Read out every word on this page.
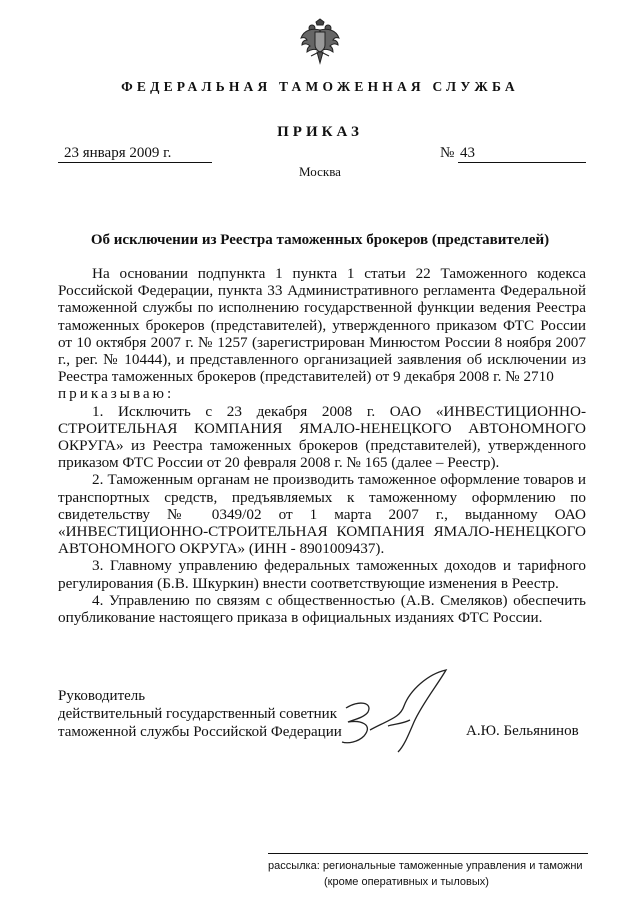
ФЕДЕРАЛЬНАЯ ТАМОЖЕННАЯ СЛУЖБА
ПРИКАЗ
23 января 2009 г.	№ 43
Москва
Об исключении из Реестра таможенных брокеров (представителей)

На основании подпункта 1 пункта 1 статьи 22 Таможенного кодекса Российской Федерации, пункта 33 Административного регламента Федеральной таможенной службы по исполнению государственной функции ведения Реестра таможенных брокеров (представителей), утвержденного приказом ФТС России от 10 октября 2007 г. № 1257 (зарегистрирован Минюстом России 8 ноября 2007 г., рег. № 10444), и представленного организацией заявления об исключении из Реестра таможенных брокеров (представителей) от 9 декабря 2008 г. № 2710

приказываю:

1. Исключить с 23 декабря 2008 г. ОАО «ИНВЕСТИЦИОННО-СТРОИТЕЛЬНАЯ КОМПАНИЯ ЯМАЛО-НЕНЕЦКОГО АВТОНОМНОГО ОКРУГА» из Реестра таможенных брокеров (представителей), утвержденного приказом ФТС России от 20 февраля 2008 г. № 165 (далее – Реестр).

2. Таможенным органам не производить таможенное оформление товаров и транспортных средств, предъявляемых к таможенному оформлению по свидетельству № 0349/02 от 1 марта 2007 г., выданному ОАО «ИНВЕСТИЦИОННО-СТРОИТЕЛЬНАЯ КОМПАНИЯ ЯМАЛО-НЕНЕЦКОГО АВТОНОМНОГО ОКРУГА» (ИНН - 8901009437).

3. Главному управлению федеральных таможенных доходов и тарифного регулирования (Б.В. Шкуркин) внести соответствующие изменения в Реестр.

4. Управлению по связям с общественностью (А.В. Смеляков) обеспечить опубликование настоящего приказа в официальных изданиях ФТС России.

Руководитель
действительный государственный советник
таможенной службы Российской Федерации	А.Ю. Бельянинов
рассылка: региональные таможенные управления и таможни
(кроме оперативных и тыловых)
